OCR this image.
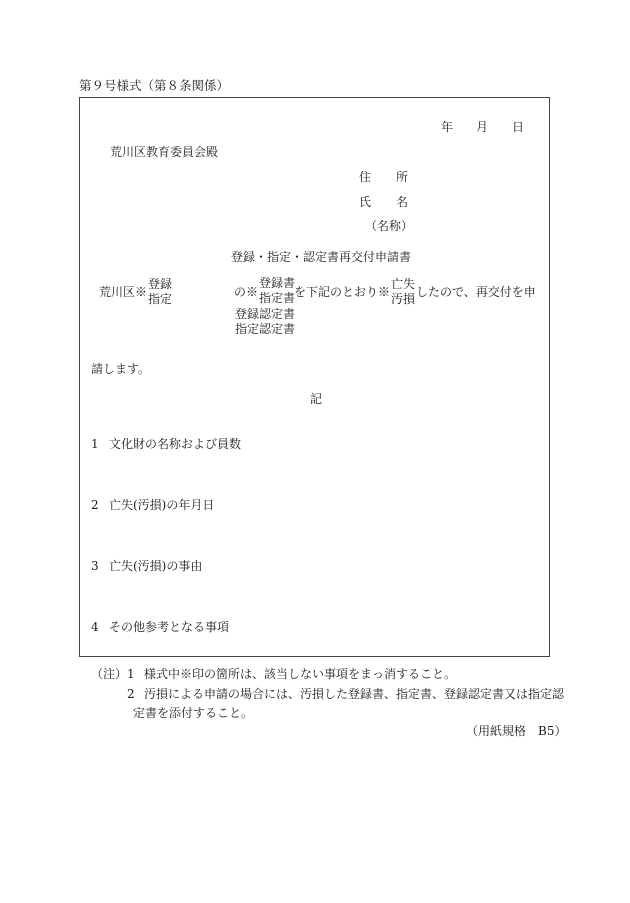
第９号様式（第８条関係）
年 月 日
荒川区教育委員会殿
住 所
氏 名
（名称）
登録・指定・認定書再交付申請書
荒川区※
登録
指定	の※
登録書
指定書
登録認定書
指定認定書
を下記のとおり※
亡失
汚損 したので、再交付を申
請します。
記
1 文化財の名称および員数
2 亡失(汚損)の年月日
3 亡失(汚損)の事由
4 その他参考となる事項
（注） 1 様式中※印の箇所は、該当しない事項をまっ消すること。
2 汚損による申請の場合には、汚損した登録書、指定書、登録認定書又は指定認
定書を添付すること。
（用紙規格　B5）
